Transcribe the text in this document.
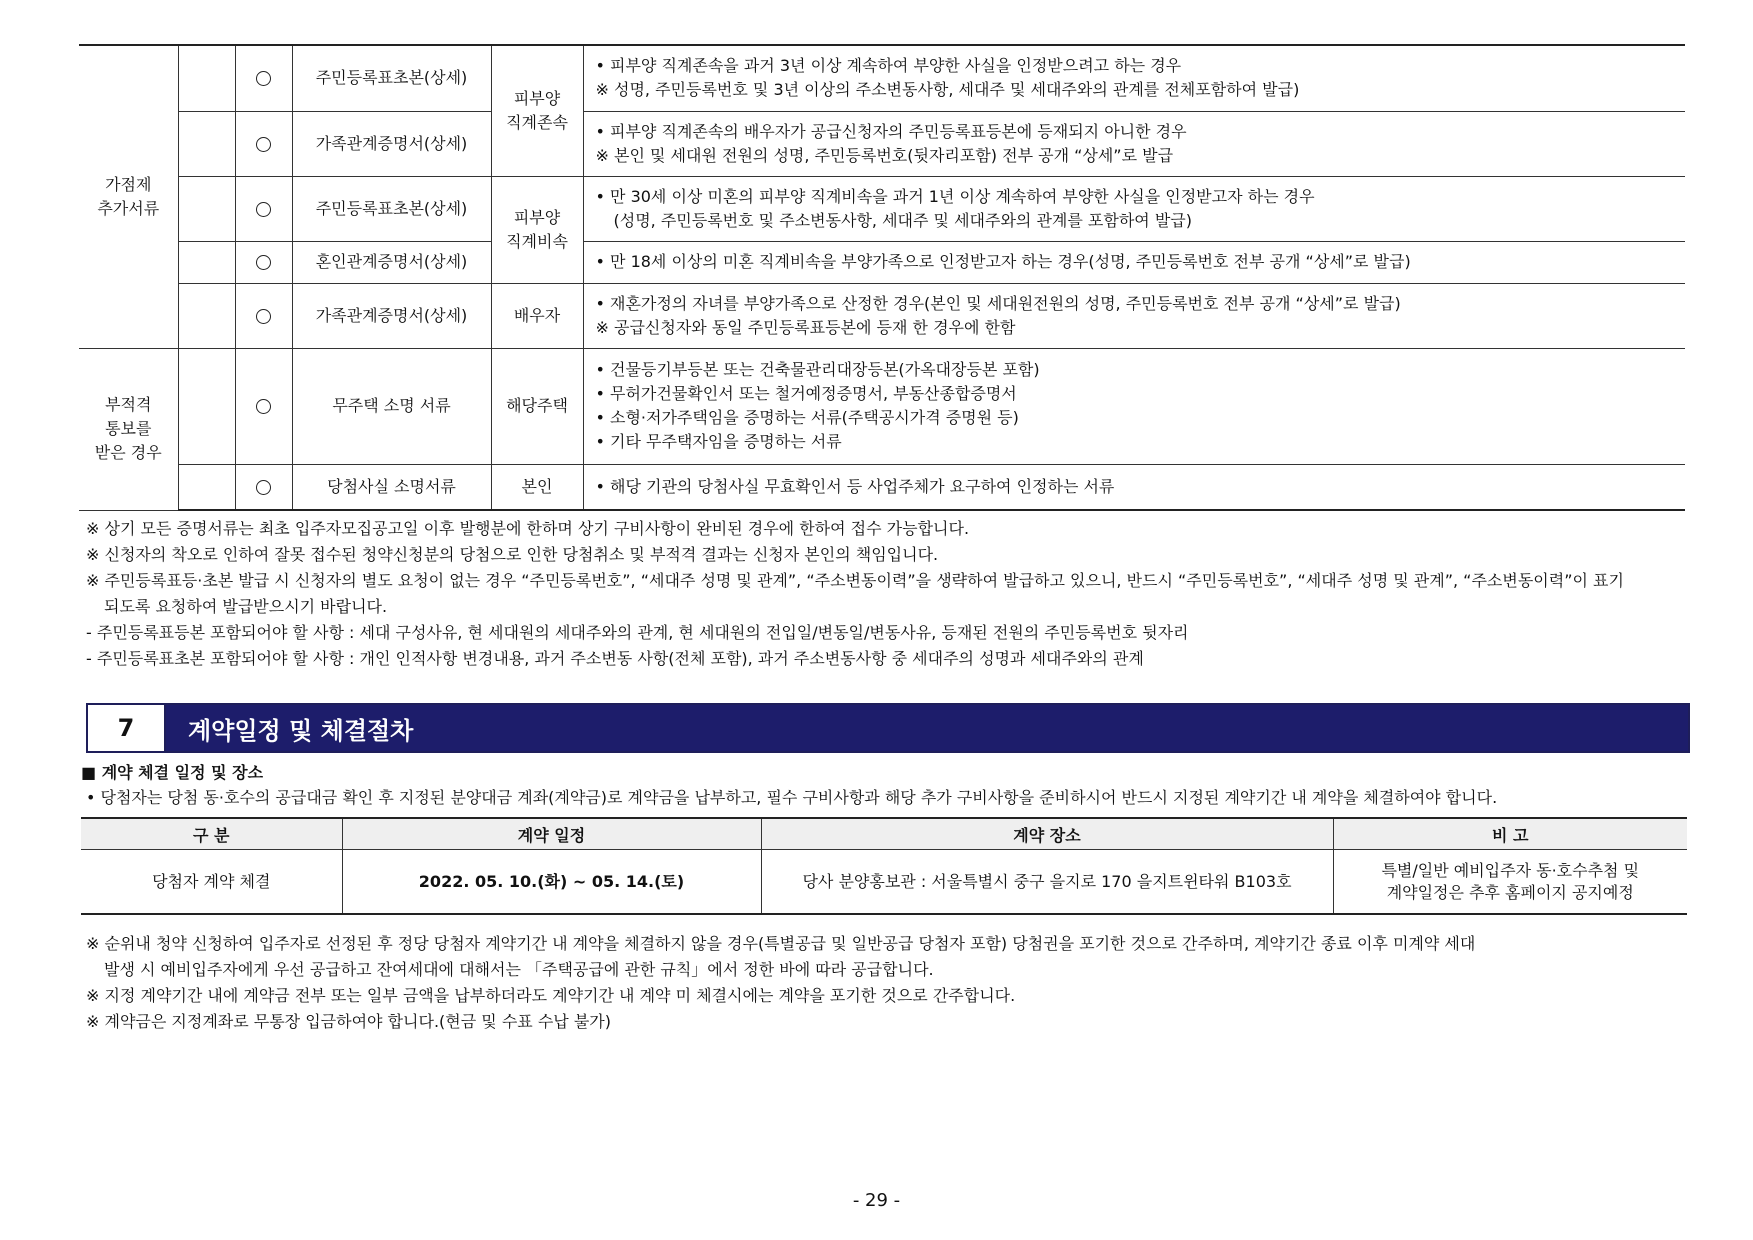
가점제
추가서류			주민등록표초본(상세)	피부양
직계존속	• 피부양 직계존속을 과거 3년 이상 계속하여 부양한 사실을 인정받으려고 하는 경우
※ 성명, 주민등록번호 및 3년 이상의 주소변동사항, 세대주 및 세대주와의 관계를 전체포함하여 발급)

			가족관계증명서(상세)		• 피부양 직계존속의 배우자가 공급신청자의 주민등록표등본에 등재되지 아니한 경우
※ 본인 및 세대원 전원의 성명, 주민등록번호(뒷자리포함) 전부 공개 “상세”로 발급

			주민등록표초본(상세)	피부양
직계비속	• 만 30세 이상 미혼의 피부양 직계비속을 과거 1년 이상 계속하여 부양한 사실을 인정받고자 하는 경우
(성명, 주민등록번호 및 주소변동사항, 세대주 및 세대주와의 관계를 포함하여 발급)

			혼인관계증명서(상세)		• 만 18세 이상의 미혼 직계비속을 부양가족으로 인정받고자 하는 경우(성명, 주민등록번호 전부 공개 “상세”로 발급)

			가족관계증명서(상세)	배우자	• 재혼가정의 자녀를 부양가족으로 산정한 경우(본인 및 세대원전원의 성명, 주민등록번호 전부 공개 “상세”로 발급)
※ 공급신청자와 동일 주민등록표등본에 등재 한 경우에 한함

부적격
통보를
받은 경우			무주택 소명 서류	해당주택	• 건물등기부등본 또는 건축물관리대장등본(가옥대장등본 포함)
• 무허가건물확인서 또는 철거예정증명서, 부동산종합증명서
• 소형·저가주택임을 증명하는 서류(주택공시가격 증명원 등)
• 기타 무주택자임을 증명하는 서류

			당첨사실 소명서류	본인	• 해당 기관의 당첨사실 무효확인서 등 사업주체가 요구하여 인정하는 서류
※ 상기 모든 증명서류는 최초 입주자모집공고일 이후 발행분에 한하며 상기 구비사항이 완비된 경우에 한하여 접수 가능합니다.
※ 신청자의 착오로 인하여 잘못 접수된 청약신청분의 당첨으로 인한 당첨취소 및 부적격 결과는 신청자 본인의 책임입니다.
※ 주민등록표등·초본 발급 시 신청자의 별도 요청이 없는 경우 “주민등록번호”, “세대주 성명 및 관계”, “주소변동이력”을 생략하여 발급하고 있으니, 반드시 “주민등록번호”, “세대주 성명 및 관계”, “주소변동이력”이 표기
되도록 요청하여 발급받으시기 바랍니다.
- 주민등록표등본 포함되어야 할 사항 : 세대 구성사유, 현 세대원의 세대주와의 관계, 현 세대원의 전입일/변동일/변동사유, 등재된 전원의 주민등록번호 뒷자리
- 주민등록표초본 포함되어야 할 사항 : 개인 인적사항 변경내용, 과거 주소변동 사항(전체 포함), 과거 주소변동사항 중 세대주의 성명과 세대주와의 관계
7	계약일정 및 체결절차
■ 계약 체결 일정 및 장소
• 당첨자는 당첨 동·호수의 공급대금 확인 후 지정된 분양대금 계좌(계약금)로 계약금을 납부하고, 필수 구비사항과 해당 추가 구비사항을 준비하시어 반드시 지정된 계약기간 내 계약을 체결하여야 합니다.
구 분	계약 일정	계약 장소	비 고
당첨자 계약 체결	2022. 05. 10.(화) ~ 05. 14.(토)	당사 분양홍보관 : 서울특별시 중구 을지로 170 을지트윈타워 B103호	특별/일반 예비입주자 동·호수추첨 및
계약일정은 추후 홈페이지 공지예정
※ 순위내 청약 신청하여 입주자로 선정된 후 정당 당첨자 계약기간 내 계약을 체결하지 않을 경우(특별공급 및 일반공급 당첨자 포함) 당첨권을 포기한 것으로 간주하며, 계약기간 종료 이후 미계약 세대
발생 시 예비입주자에게 우선 공급하고 잔여세대에 대해서는 「주택공급에 관한 규칙」에서 정한 바에 따라 공급합니다.
※ 지정 계약기간 내에 계약금 전부 또는 일부 금액을 납부하더라도 계약기간 내 계약 미 체결시에는 계약을 포기한 것으로 간주합니다.
※ 계약금은 지정계좌로 무통장 입금하여야 합니다.(현금 및 수표 수납 불가)
- 29 -
